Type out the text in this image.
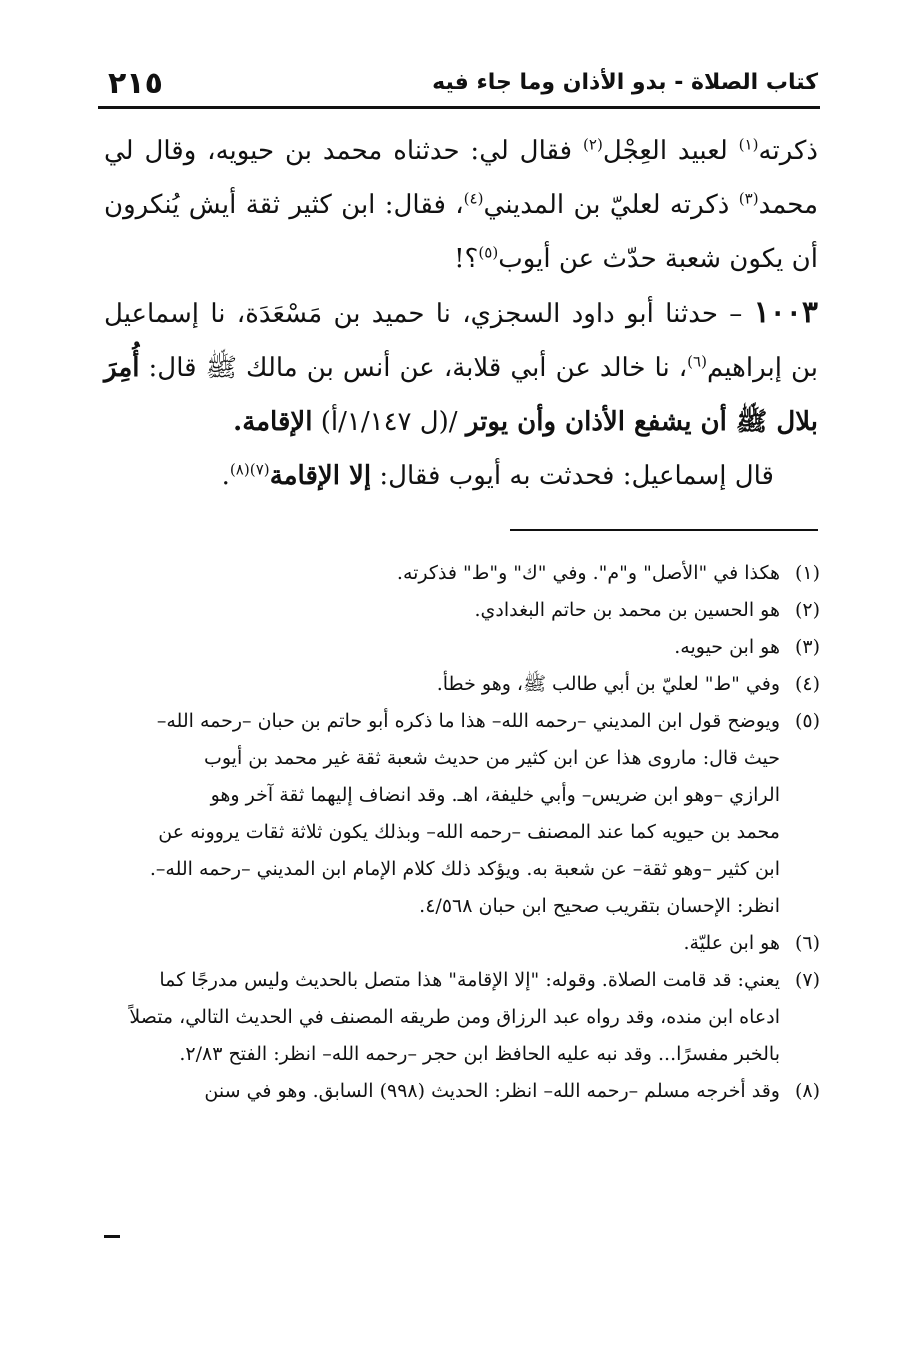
كتاب الصلاة - بدو الأذان وما جاء فيه
٢١٥

ذكرته$^{(١)}$ لعبيد العِجْل$^{(٢)}$ فقال لي: حدثناه محمد بن حيويه، وقال لي محمد$^{(٣)}$ ذكرته لعليّ بن المديني$^{(٤)}$، فقال: ابن كثير ثقة أيش يُنكرون أن يكون شعبة حدّث عن أيوب$^{(٥)}$؟!

١٠٠٣ – حدثنا أبو داود السجزي، نا حميد بن مَسْعَدَة، نا إسماعيل بن إبراهيم$^{(٦)}$، نا خالد عن أبي قلابة، عن أنس بن مالك ﷺ قال: أُمِرَ بلال ﷺ أن يشفع الأذان وأن يوتر /(ل ١/١٤٧/أ) الإقامة.

قال إسماعيل: فحدثت به أيوب فقال: إلا الإقامة$^{(٧)(٨)}$.

(١)هكذا في "الأصل" و"م". وفي "ك" و"ط" فذكرته.
(٢)هو الحسين بن محمد بن حاتم البغدادي.
(٣)هو ابن حيويه.
(٤)وفي "ط" لعليّ بن أبي طالب ﷺ، وهو خطأ.
(٥)ويوضح قول ابن المديني –رحمه الله– هذا ما ذكره أبو حاتم بن حبان –رحمه الله–
حيث قال: ماروى هذا عن ابن كثير من حديث شعبة ثقة غير محمد بن أيوب
الرازي –وهو ابن ضريس– وأبي خليفة، اهـ. وقد انضاف إليهما ثقة آخر وهو
محمد بن حيويه كما عند المصنف –رحمه الله– وبذلك يكون ثلاثة ثقات يروونه عن
ابن كثير –وهو ثقة– عن شعبة به. ويؤكد ذلك كلام الإمام ابن المديني –رحمه الله–.
انظر: الإحسان بتقريب صحيح ابن حبان ٤/٥٦٨.
(٦)هو ابن عليّة.
(٧)يعني: قد قامت الصلاة. وقوله: "إلا الإقامة" هذا متصل بالحديث وليس مدرجًا كما
ادعاه ابن منده، وقد رواه عبد الرزاق ومن طريقه المصنف في الحديث التالي، متصلاً
بالخبر مفسرًا... وقد نبه عليه الحافظ ابن حجر –رحمه الله– انظر: الفتح ٢/٨٣.
(٨)وقد أخرجه مسلم –رحمه الله– انظر: الحديث (٩٩٨) السابق. وهو في سنن
